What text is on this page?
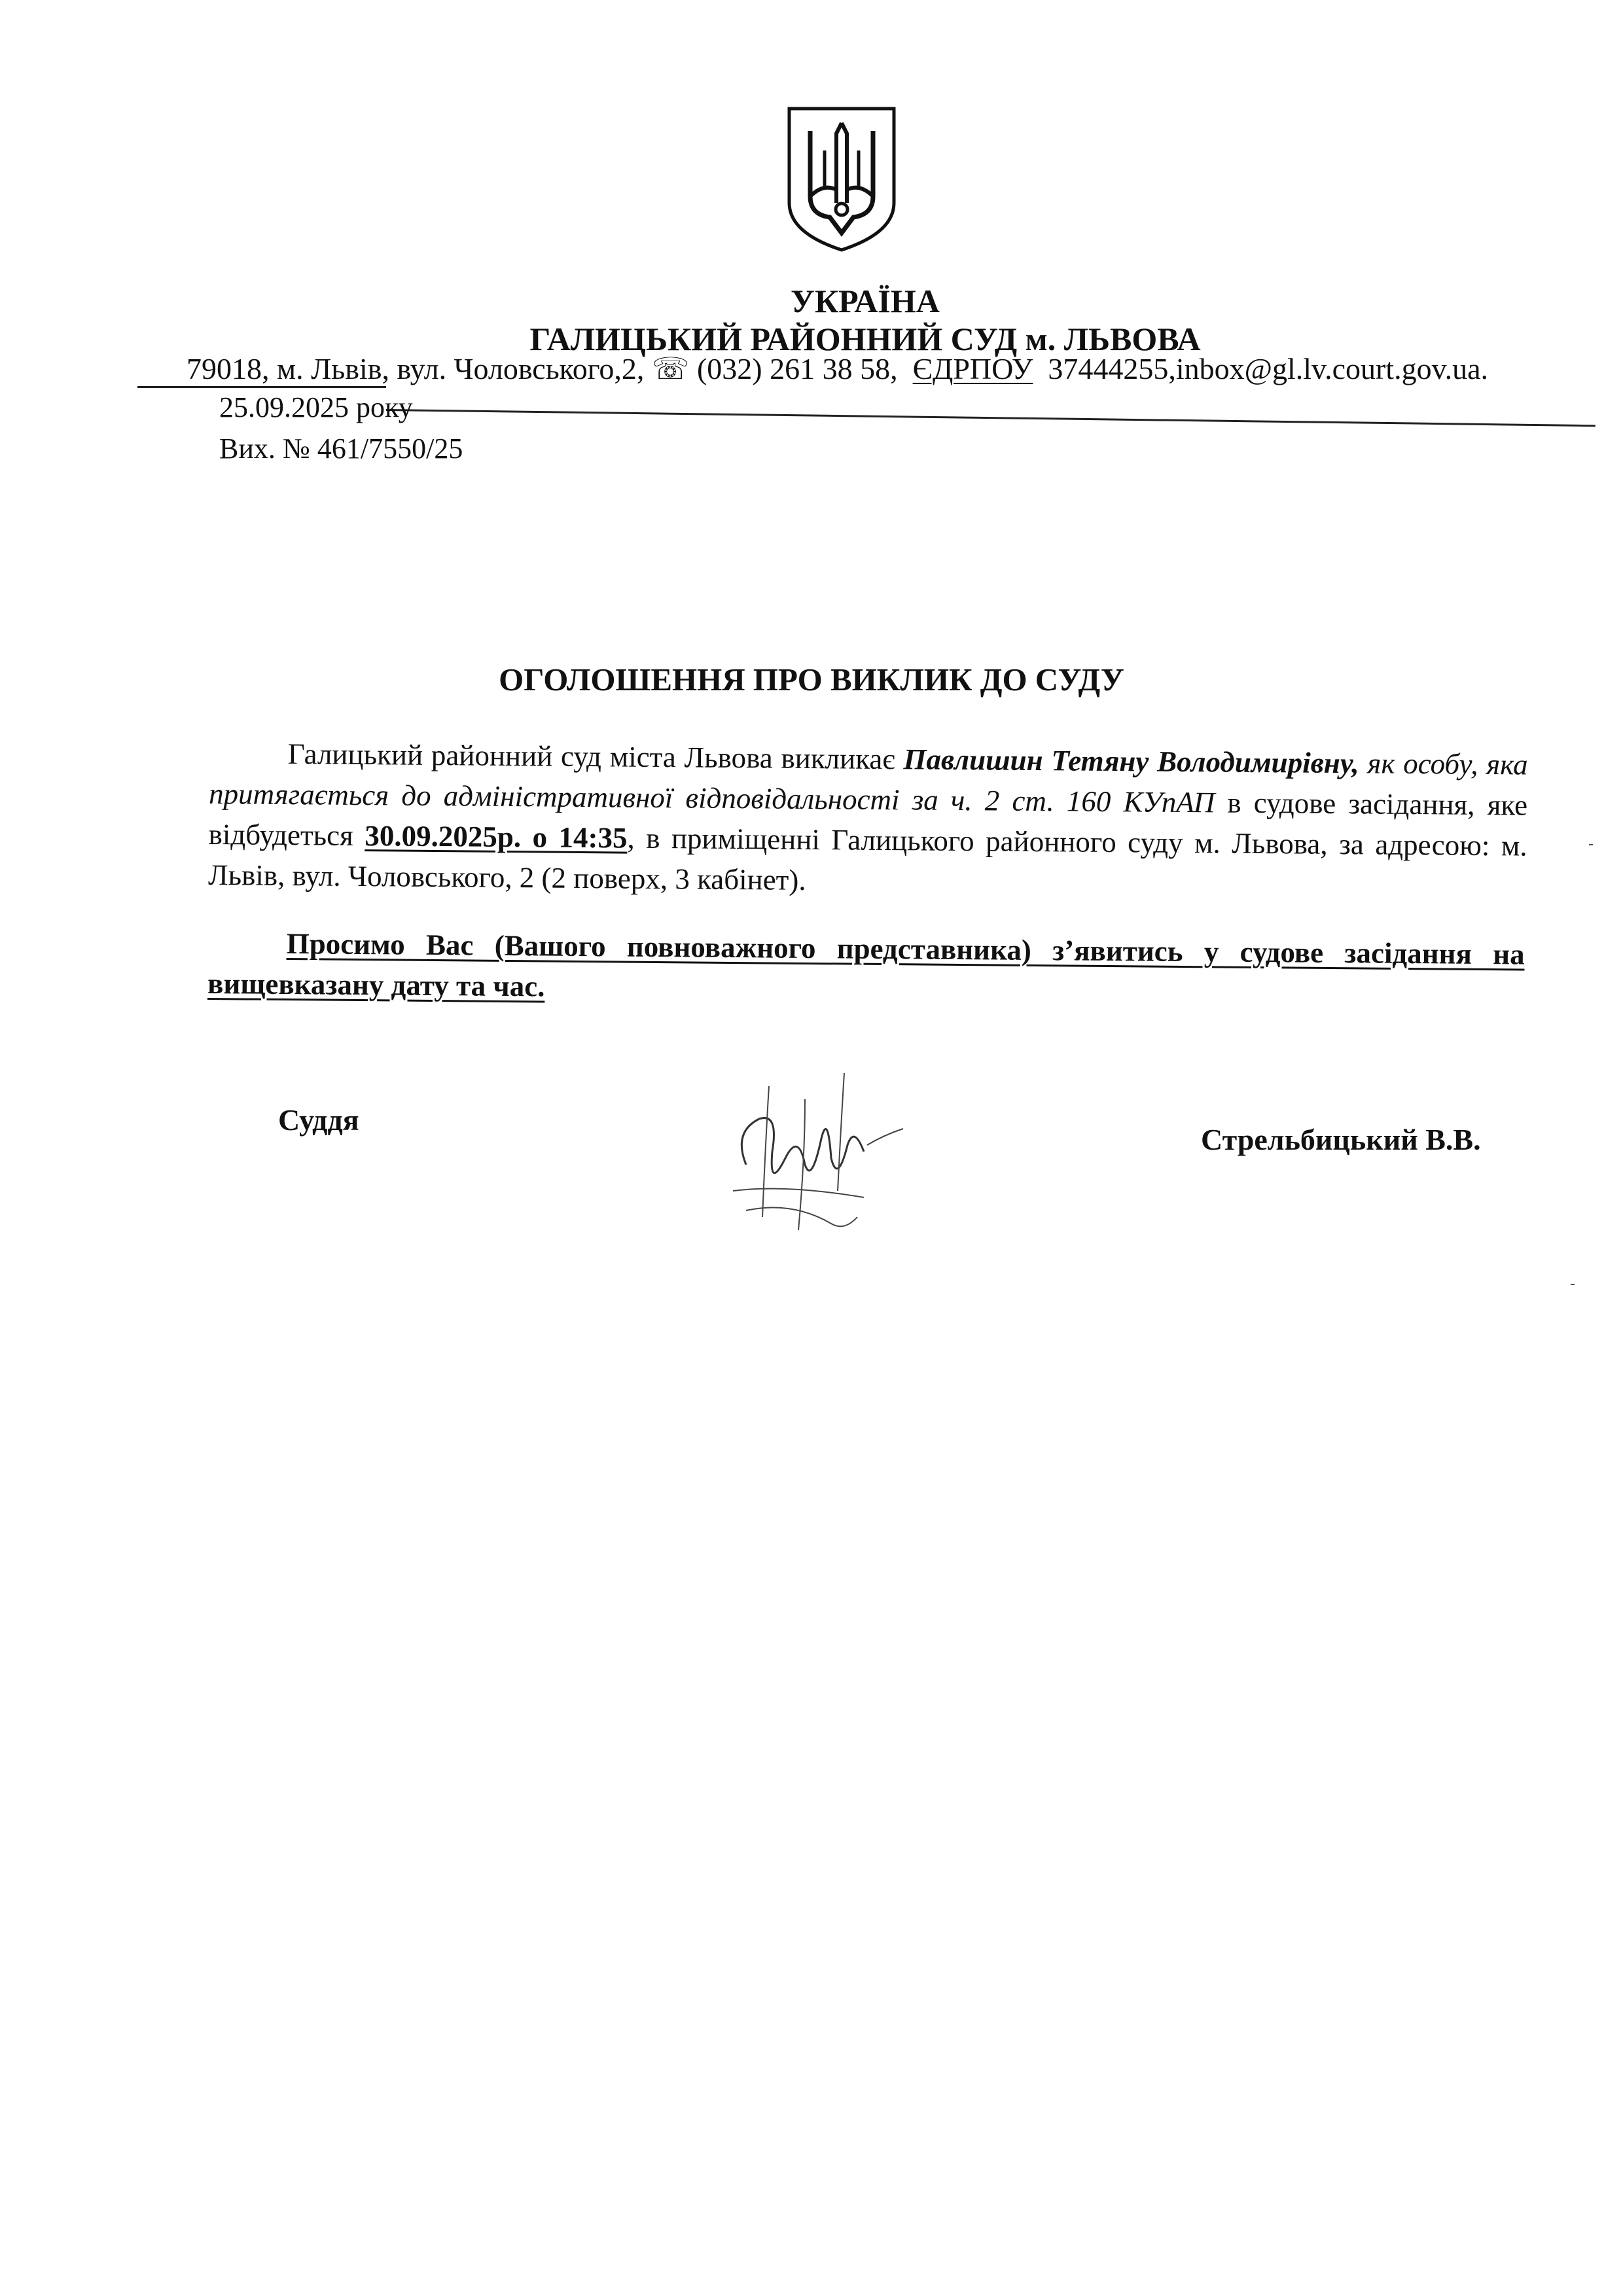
УКРАЇНА
ГАЛИЦЬКИЙ РАЙОННИЙ СУД м. ЛЬВОВА
79018, м. Львів, вул. Чоловського,2, ☏ (032) 261 38 58, ЄДРПОУ 37444255,inbox@gl.lv.court.gov.ua.
25.09.2025 року
Вих. № 461/7550/25
ОГОЛОШЕННЯ ПРО ВИКЛИК ДО СУДУ
Галицький районний суд міста Львова викликає Павлишин Тетяну Володимирівну, як особу, яка притягається до адміністративної відповідальності за ч. 2 ст. 160 КУпАП в судове засідання, яке відбудеться 30.09.2025р. о 14:35, в приміщенні Галицького районного суду м. Львова, за адресою: м. Львів, вул. Чоловського, 2 (2 поверх, 3 кабінет).
Просимо Вас (Вашого повноважного представника) з’явитись у судове засідання на вищевказану дату та час.
Суддя
Стрельбицький В.В.
